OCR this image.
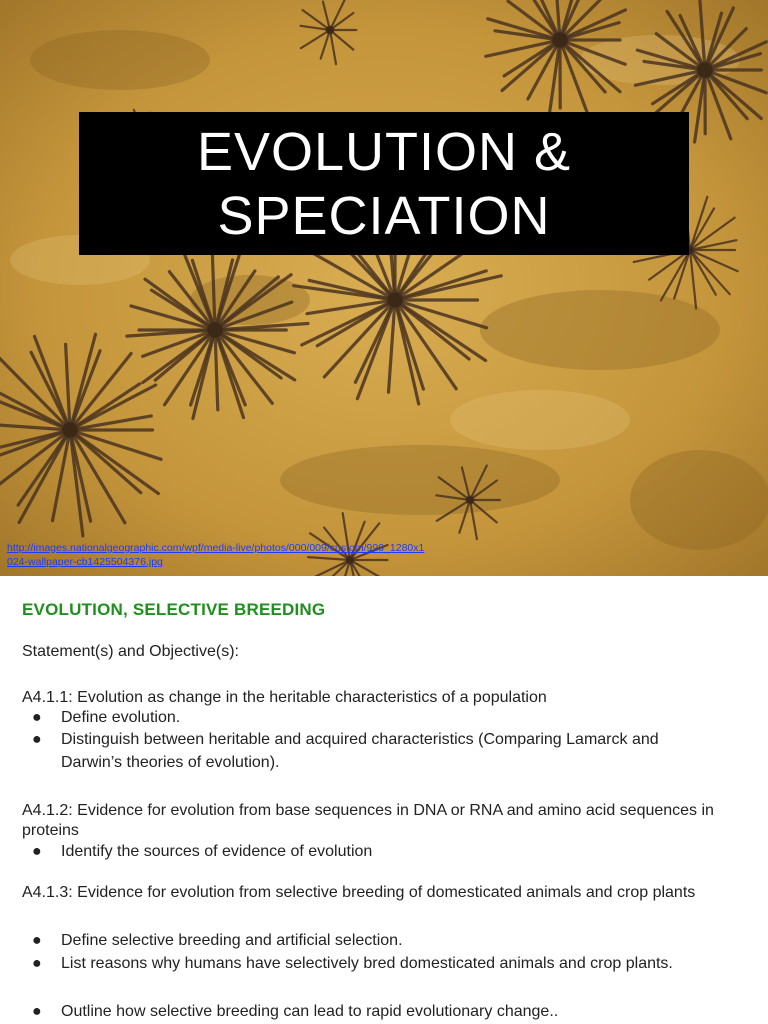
EVOLUTION &
SPECIATION
http://images.nationalgeographic.com/wpf/media-live/photos/000/009/custom/999_1280x1024-wallpaper-cb1425504376.jpg
EVOLUTION, SELECTIVE BREEDING
Statement(s) and Objective(s):
A4.1.1: Evolution as change in the heritable characteristics of a population
●	Define evolution.
●	Distinguish between heritable and acquired characteristics (Comparing Lamarck and Darwin’s theories of evolution).
A4.1.2: Evidence for evolution from base sequences in DNA or RNA and amino acid sequences in proteins
●	Identify the sources of evidence of evolution
A4.1.3: Evidence for evolution from selective breeding of domesticated animals and crop plants
●	Define selective breeding and artificial selection.
●	List reasons why humans have selectively bred domesticated animals and crop plants.
●	Outline how selective breeding can lead to rapid evolutionary change..
